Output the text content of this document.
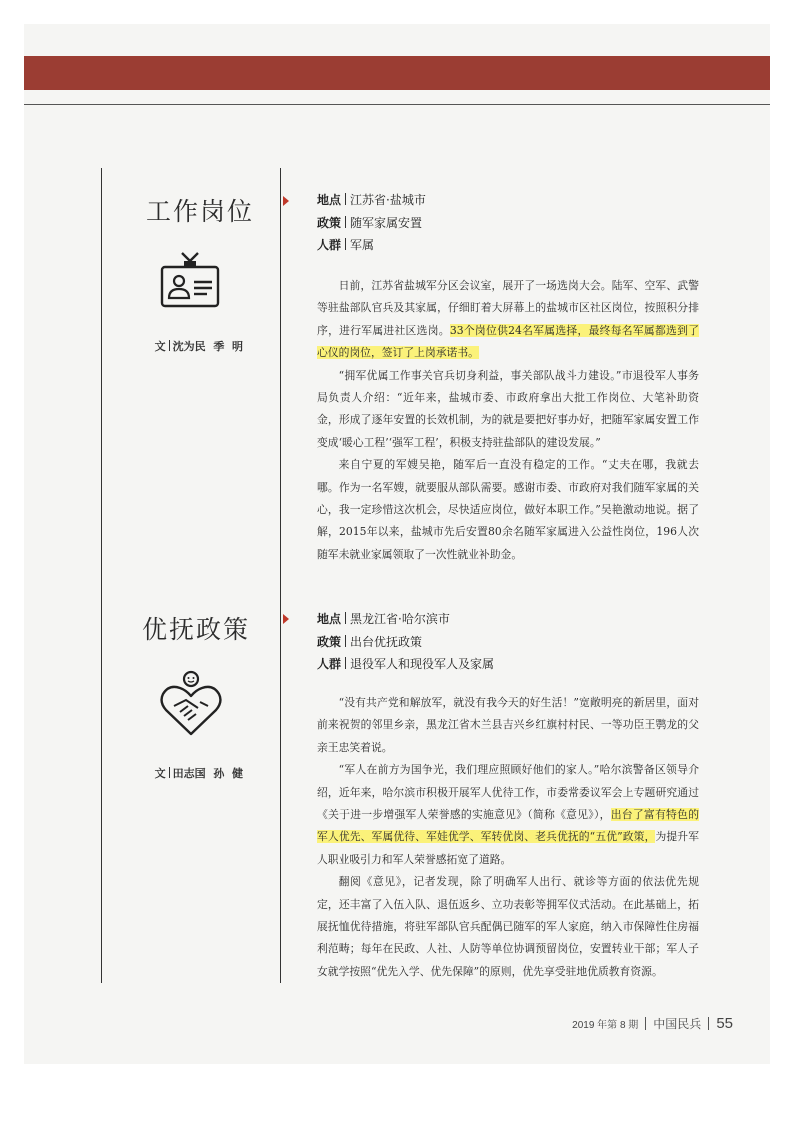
工作岗位

文 沈为民  季  明

地点 江苏省·盐城市
政策 随军家属安置
人群 军属

日前，江苏省盐城军分区会议室，展开了一场选岗大会。陆军、空军、武警等驻盐部队官兵及其家属，仔细盯着大屏幕上的盐城市区社区岗位，按照积分排序，进行军属进社区选岗。33个岗位供24名军属选择，最终每名军属都选到了心仪的岗位，签订了上岗承诺书。

“拥军优属工作事关官兵切身利益，事关部队战斗力建设。”市退役军人事务局负责人介绍：“近年来，盐城市委、市政府拿出大批工作岗位、大笔补助资金，形成了逐年安置的长效机制，为的就是要把好事办好，把随军家属安置工作变成‘暖心工程’‘强军工程’，积极支持驻盐部队的建设发展。”

来自宁夏的军嫂吴艳，随军后一直没有稳定的工作。“丈夫在哪，我就去哪。作为一名军嫂，就要服从部队需要。感谢市委、市政府对我们随军家属的关心，我一定珍惜这次机会，尽快适应岗位，做好本职工作。”吴艳激动地说。据了解，2015年以来，盐城市先后安置80余名随军家属进入公益性岗位，196人次随军未就业家属领取了一次性就业补助金。

优抚政策

文 田志国  孙  健

地点 黑龙江省·哈尔滨市
政策 出台优抚政策
人群 退役军人和现役军人及家属

“没有共产党和解放军，就没有我今天的好生活！”宽敞明亮的新居里，面对前来祝贺的邻里乡亲，黑龙江省木兰县吉兴乡红旗村村民、一等功臣王鹗龙的父亲王忠笑着说。

“军人在前方为国争光，我们理应照顾好他们的家人。”哈尔滨警备区领导介绍，近年来，哈尔滨市积极开展军人优待工作，市委常委议军会上专题研究通过《关于进一步增强军人荣誉感的实施意见》（简称《意见》），出台了富有特色的军人优先、军属优待、军娃优学、军转优岗、老兵优抚的“五优”政策，为提升军人职业吸引力和军人荣誉感拓宽了道路。

翻阅《意见》，记者发现，除了明确军人出行、就诊等方面的依法优先规定，还丰富了入伍入队、退伍返乡、立功表彰等拥军仪式活动。在此基础上，拓展抚恤优待措施，将驻军部队官兵配偶已随军的军人家庭，纳入市保障性住房福利范畴；每年在民政、人社、人防等单位协调预留岗位，安置转业干部；军人子女就学按照“优先入学、优先保障”的原则，优先享受驻地优质教育资源。

2019 年第 8 期 中国民兵 55
